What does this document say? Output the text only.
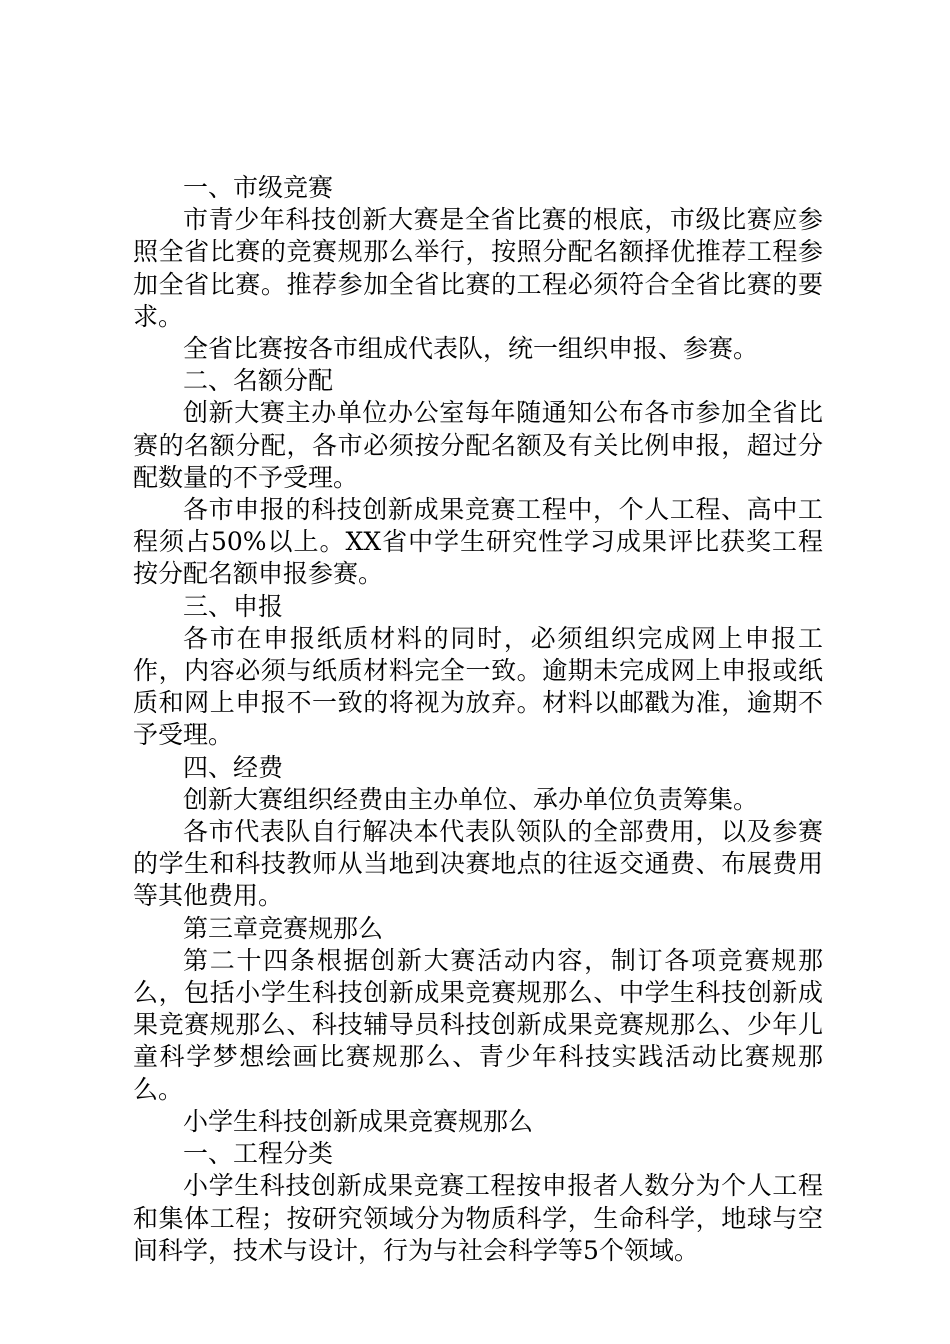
一、市级竞赛

市青少年科技创新大赛是全省比赛的根底，市级比赛应参照全省比赛的竞赛规那么举行，按照分配名额择优推荐工程参加全省比赛。推荐参加全省比赛的工程必须符合全省比赛的要求。

全省比赛按各市组成代表队，统一组织申报、参赛。

二、名额分配

创新大赛主办单位办公室每年随通知公布各市参加全省比赛的名额分配，各市必须按分配名额及有关比例申报，超过分配数量的不予受理。

各市申报的科技创新成果竞赛工程中，个人工程、高中工程须占50%以上。XX省中学生研究性学习成果评比获奖工程按分配名额申报参赛。

三、申报

各市在申报纸质材料的同时，必须组织完成网上申报工作，内容必须与纸质材料完全一致。逾期未完成网上申报或纸质和网上申报不一致的将视为放弃。材料以邮戳为准，逾期不予受理。

四、经费

创新大赛组织经费由主办单位、承办单位负责筹集。

各市代表队自行解决本代表队领队的全部费用，以及参赛的学生和科技教师从当地到决赛地点的往返交通费、布展费用等其他费用。

第三章竞赛规那么

第二十四条根据创新大赛活动内容，制订各项竞赛规那么，包括小学生科技创新成果竞赛规那么、中学生科技创新成果竞赛规那么、科技辅导员科技创新成果竞赛规那么、少年儿童科学梦想绘画比赛规那么、青少年科技实践活动比赛规那么。

小学生科技创新成果竞赛规那么

一、工程分类

小学生科技创新成果竞赛工程按申报者人数分为个人工程和集体工程；按研究领域分为物质科学，生命科学，地球与空间科学，技术与设计，行为与社会科学等5个领域。
